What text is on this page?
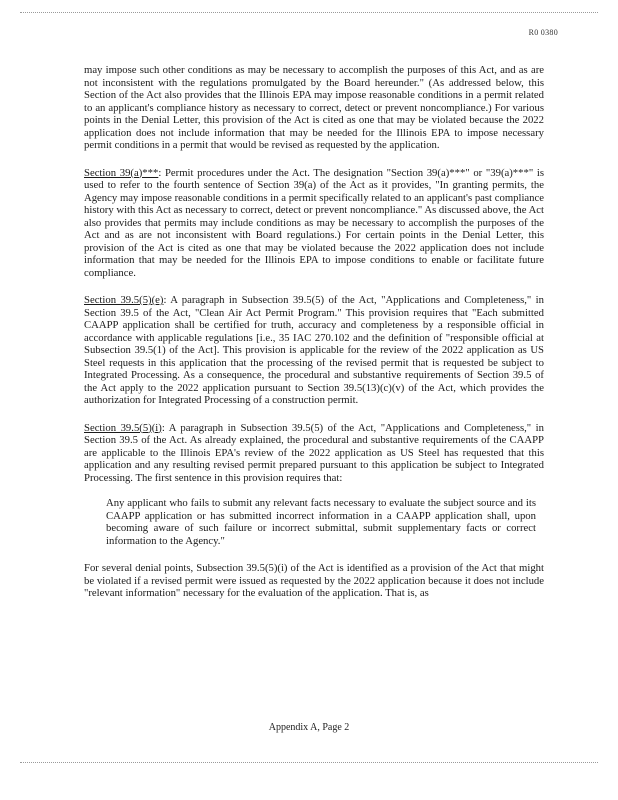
R0 0380

may impose such other conditions as may be necessary to accomplish the purposes of this Act, and as are not inconsistent with the regulations promulgated by the Board hereunder." (As addressed below, this Section of the Act also provides that the Illinois EPA may impose reasonable conditions in a permit related to an applicant's compliance history as necessary to correct, detect or prevent noncompliance.) For various points in the Denial Letter, this provision of the Act is cited as one that may be violated because the 2022 application does not include information that may be needed for the Illinois EPA to impose necessary permit conditions in a permit that would be revised as requested by the application.

Section 39(a)***: Permit procedures under the Act. The designation "Section 39(a)***" or "39(a)***" is used to refer to the fourth sentence of Section 39(a) of the Act as it provides, "In granting permits, the Agency may impose reasonable conditions in a permit specifically related to an applicant's past compliance history with this Act as necessary to correct, detect or prevent noncompliance." As discussed above, the Act also provides that permits may include conditions as may be necessary to accomplish the purposes of the Act and as are not inconsistent with Board regulations.) For certain points in the Denial Letter, this provision of the Act is cited as one that may be violated because the 2022 application does not include information that may be needed for the Illinois EPA to impose conditions to enable or facilitate future compliance.

Section 39.5(5)(e): A paragraph in Subsection 39.5(5) of the Act, "Applications and Completeness," in Section 39.5 of the Act, "Clean Air Act Permit Program." This provision requires that "Each submitted CAAPP application shall be certified for truth, accuracy and completeness by a responsible official in accordance with applicable regulations [i.e., 35 IAC 270.102 and the definition of "responsible official at Subsection 39.5(1) of the Act]. This provision is applicable for the review of the 2022 application as US Steel requests in this application that the processing of the revised permit that is requested be subject to Integrated Processing. As a consequence, the procedural and substantive requirements of Section 39.5 of the Act apply to the 2022 application pursuant to Section 39.5(13)(c)(v) of the Act, which provides the authorization for Integrated Processing of a construction permit.

Section 39.5(5)(i): A paragraph in Subsection 39.5(5) of the Act, "Applications and Completeness," in Section 39.5 of the Act. As already explained, the procedural and substantive requirements of the CAAPP are applicable to the Illinois EPA's review of the 2022 application as US Steel has requested that this application and any resulting revised permit prepared pursuant to this application be subject to Integrated Processing. The first sentence in this provision requires that:

Any applicant who fails to submit any relevant facts necessary to evaluate the subject source and its CAAPP application or has submitted incorrect information in a CAAPP application shall, upon becoming aware of such failure or incorrect submittal, submit supplementary facts or correct information to the Agency."

For several denial points, Subsection 39.5(5)(i) of the Act is identified as a provision of the Act that might be violated if a revised permit were issued as requested by the 2022 application because it does not include "relevant information" necessary for the evaluation of the application. That is, as

Appendix A, Page 2
